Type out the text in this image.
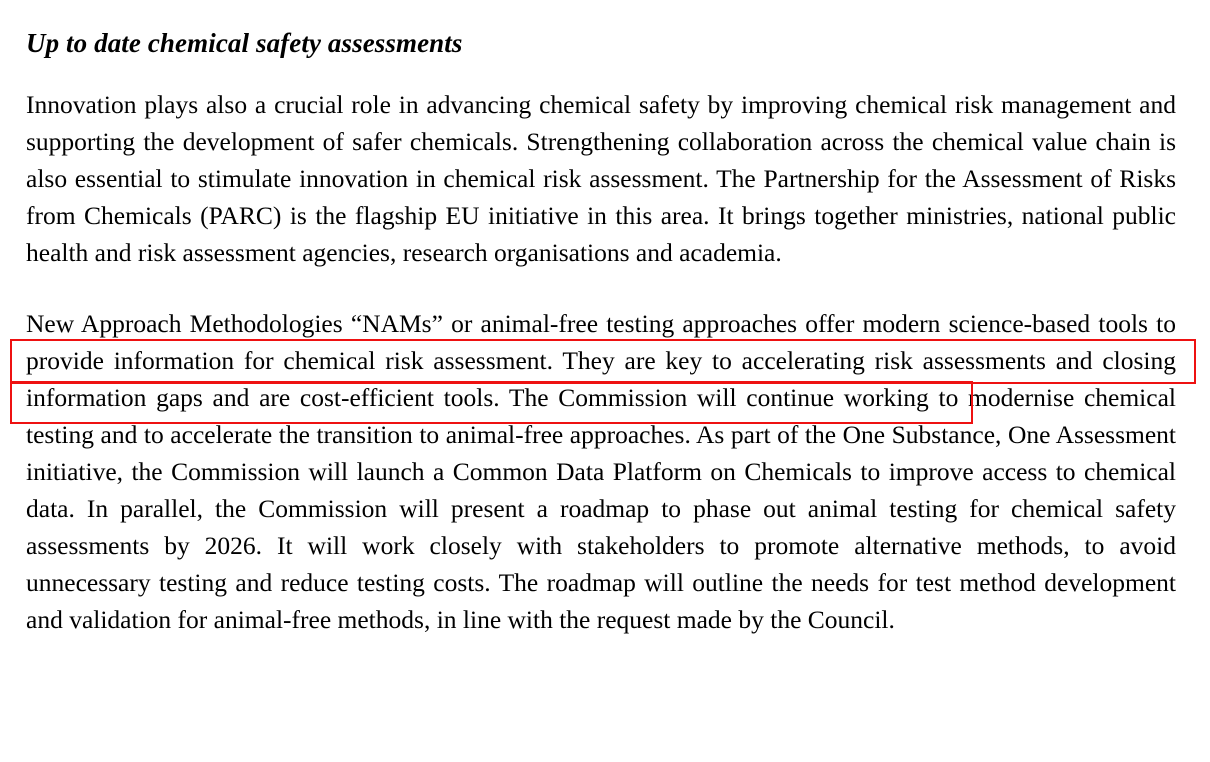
Up to date chemical safety assessments

Innovation plays also a crucial role in advancing chemical safety by improving chemical risk management and supporting the development of safer chemicals. Strengthening collaboration across the chemical value chain is also essential to stimulate innovation in chemical risk assessment. The Partnership for the Assessment of Risks from Chemicals (PARC) is the flagship EU initiative in this area. It brings together ministries, national public health and risk assessment agencies, research organisations and academia.

New Approach Methodologies “NAMs” or animal-free testing approaches offer modern science-based tools to provide information for chemical risk assessment. They are key to accelerating risk assessments and closing information gaps and are cost-efficient tools. The Commission will continue working to modernise chemical testing and to accelerate the transition to animal-free approaches. As part of the One Substance, One Assessment initiative, the Commission will launch a Common Data Platform on Chemicals to improve access to chemical data. In parallel, the Commission will present a roadmap to phase out animal testing for chemical safety assessments by 2026. It will work closely with stakeholders to promote alternative methods, to avoid unnecessary testing and reduce testing costs. The roadmap will outline the needs for test method development and validation for animal-free methods, in line with the request made by the Council.
